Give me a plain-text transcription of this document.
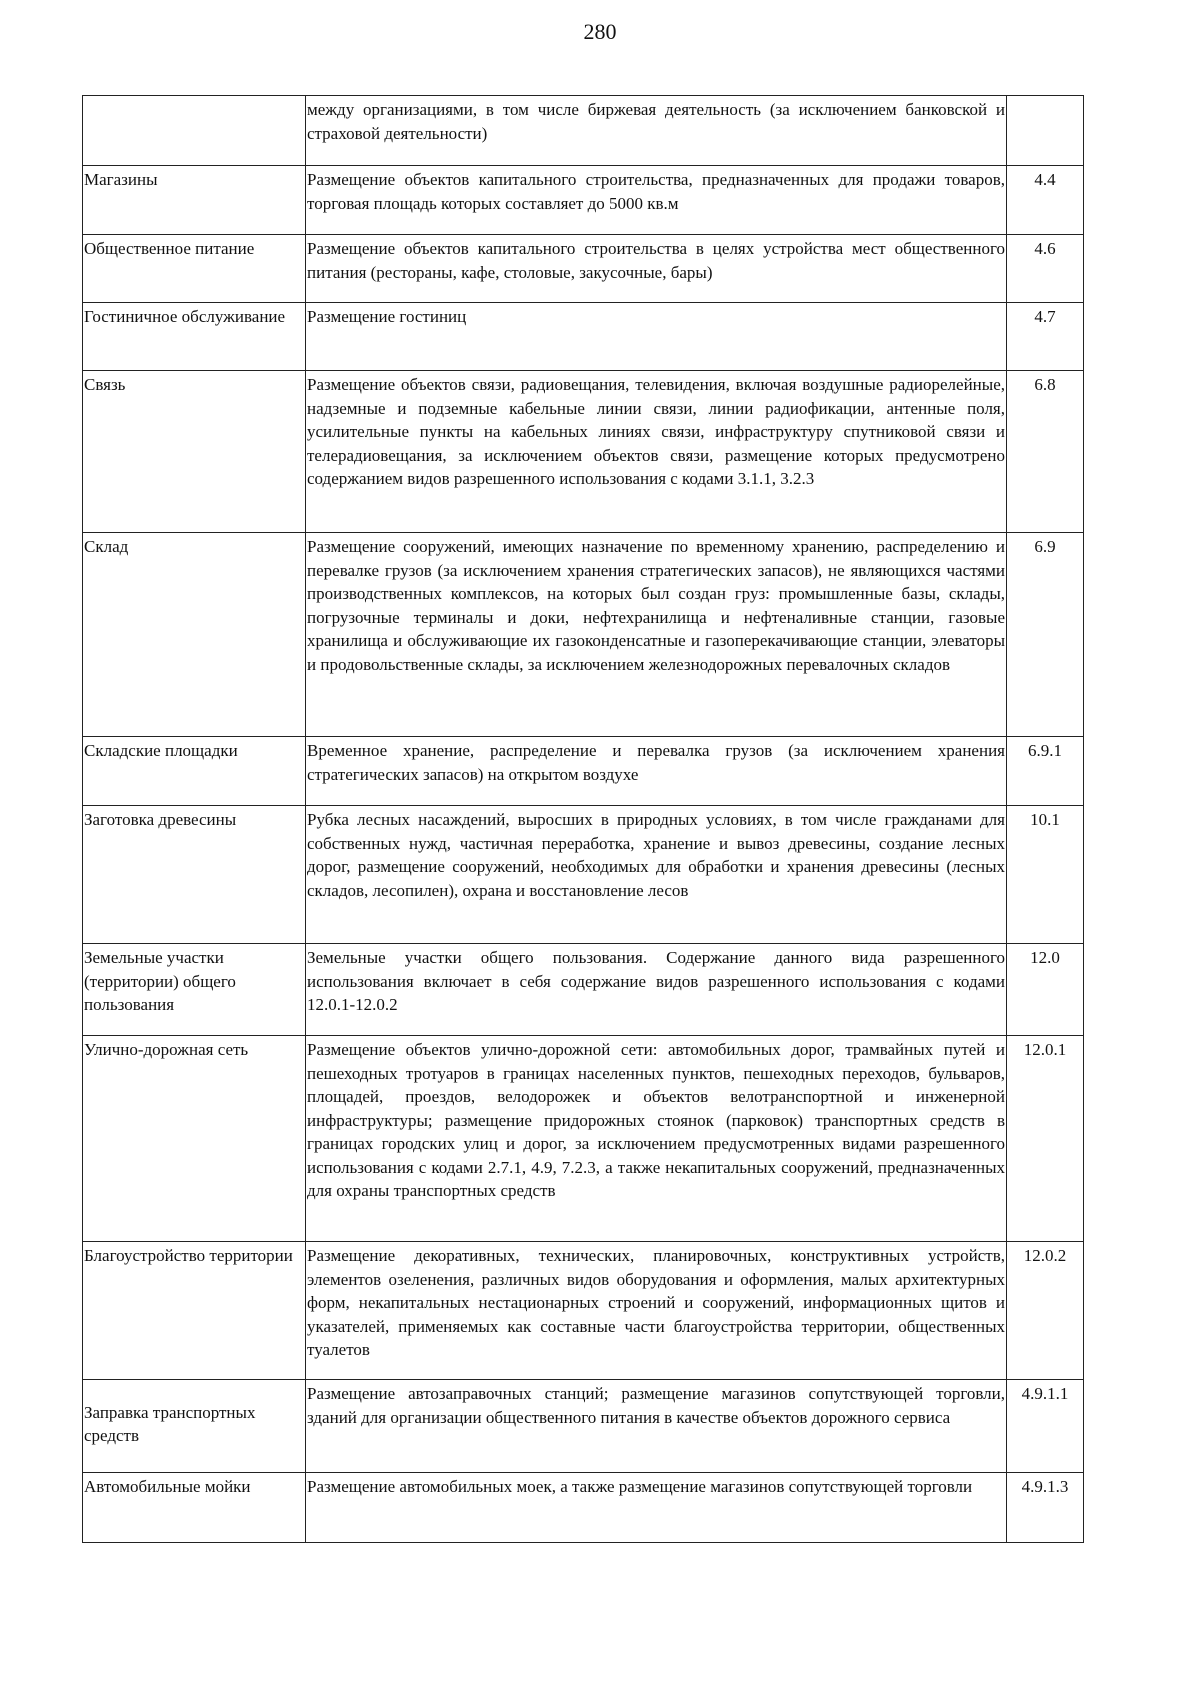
280
	между организациями, в том числе биржевая деятельность (за исключением банковской и страховой деятельности)	
Магазины	Размещение объектов капитального строительства, предназначенных для продажи товаров, торговая площадь которых составляет до 5000 кв.м	4.4
Общественное питание	Размещение объектов капитального строительства в целях устройства мест общественного питания (рестораны, кафе, столовые, закусочные, бары)	4.6
Гостиничное обслуживание	Размещение гостиниц	4.7
Связь	Размещение объектов связи, радиовещания, телевидения, включая воздушные радиорелейные, надземные и подземные кабельные линии связи, линии радиофикации, антенные поля, усилительные пункты на кабельных линиях связи, инфраструктуру спутниковой связи и телерадиовещания, за исключением объектов связи, размещение которых предусмотрено содержанием видов разрешенного использования с кодами 3.1.1, 3.2.3	6.8
Склад	Размещение сооружений, имеющих назначение по временному хранению, распределению и перевалке грузов (за исключением хранения стратегических запасов), не являющихся частями производственных комплексов, на которых был создан груз: промышленные базы, склады, погрузочные терминалы и доки, нефтехранилища и нефтеналивные станции, газовые хранилища и обслуживающие их газоконденсатные и газоперекачивающие станции, элеваторы и продовольственные склады, за исключением железнодорожных перевалочных складов	6.9
Складские площадки	Временное хранение, распределение и перевалка грузов (за исключением хранения стратегических запасов) на открытом воздухе	6.9.1
Заготовка древесины	Рубка лесных насаждений, выросших в природных условиях, в том числе гражданами для собственных нужд, частичная переработка, хранение и вывоз древесины, создание лесных дорог, размещение сооружений, необходимых для обработки и хранения древесины (лесных складов, лесопилен), охрана и восстановление лесов	10.1
Земельные участки (территории) общего пользования	Земельные участки общего пользования. Содержание данного вида разрешенного использования включает в себя содержание видов разрешенного использования с кодами 12.0.1-12.0.2	12.0
Улично-дорожная сеть	Размещение объектов улично-дорожной сети: автомобильных дорог, трамвайных путей и пешеходных тротуаров в границах населенных пунктов, пешеходных переходов, бульваров, площадей, проездов, велодорожек и объектов велотранспортной и инженерной инфраструктуры; размещение придорожных стоянок (парковок) транспортных средств в границах городских улиц и дорог, за исключением предусмотренных видами разрешенного использования с кодами 2.7.1, 4.9, 7.2.3, а также некапитальных сооружений, предназначенных для охраны транспортных средств	12.0.1
Благоустройство территории	Размещение декоративных, технических, планировочных, конструктивных устройств, элементов озеленения, различных видов оборудования и оформления, малых архитектурных форм, некапитальных нестационарных строений и сооружений, информационных щитов и указателей, применяемых как составные части благоустройства территории, общественных туалетов	12.0.2
Заправка транспортных средств	Размещение автозаправочных станций; размещение магазинов сопутствующей торговли, зданий для организации общественного питания в качестве объектов дорожного сервиса	4.9.1.1
Автомобильные мойки	Размещение автомобильных моек, а также размещение магазинов сопутствующей торговли	4.9.1.3
